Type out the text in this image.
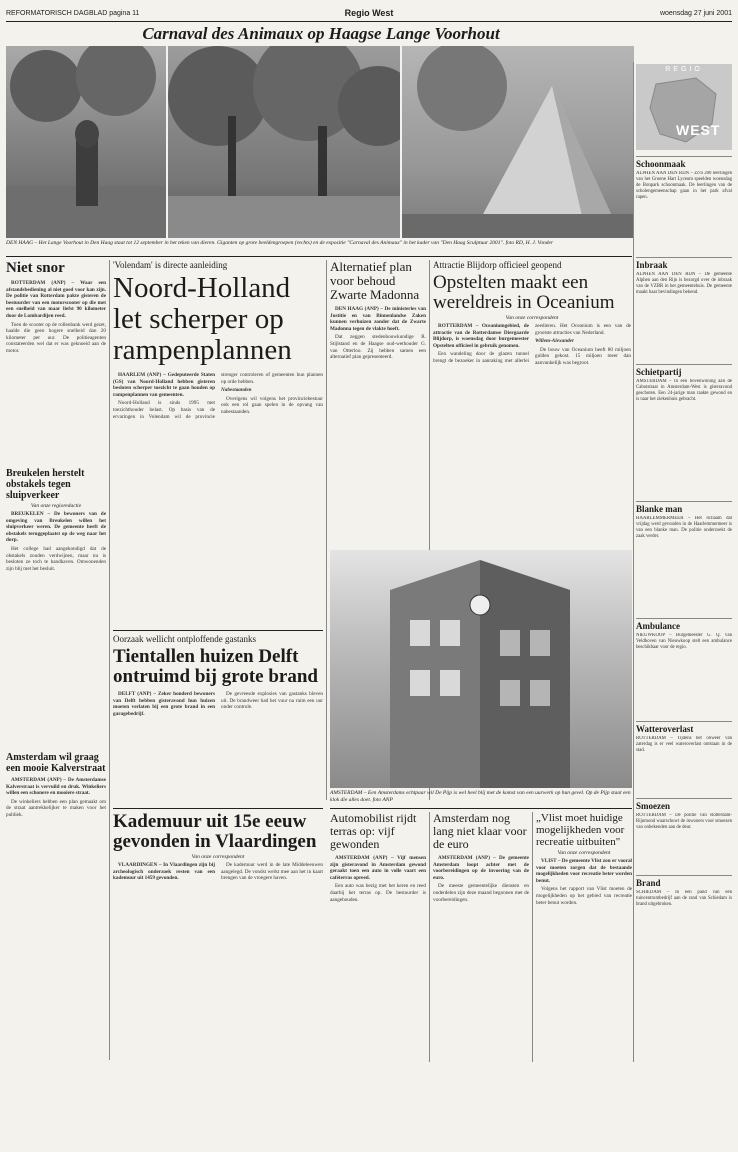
REFORMATORISCH DAGBLAD pagina 11	Regio West	woensdag 27 juni 2001
Carnaval des Animaux op Haagse Lange Voorhout
DEN HAAG – Het Lange Voorhout in Den Haag staat tot 12 september in het teken van dieren. Giganten op grote beeldengroepen (rechts) en de expositie "Carnaval des Animaux" in het kader van "Den Haag Sculptuur 2001". foto RD, H. J. Vonder
REGIO
WEST
Schoonmaak
ALPHEN AAN DEN RIJN – Zo'n 200 leerlingen van het Groene Hart Lyceum speelden woensdag de Bonpark schoonmaak. De leerlingen van de scholengemeenschap gaan in het park afval rapen.
Inbraak
ALPHEN AAN DEN RIJN – De gemeente Alphen aan den Rijn is bezorgd over de inbraak van de VZBR in het gemeentehuis. De gemeente maakt haar bevindingen bekend.
Schietpartij
AMSTERDAM – In een bovenwoning aan de Cabotstraat in Amsterdam-West is gisteravond geschoten. Een 24-jarige man raakte gewond en is naar het ziekenhuis gebracht.
Blanke man
HAARLEMMERMEER – Het lichaam dat vrijdag werd gevonden in de Haarlemmermeer is van een blanke man. De politie onderzoekt de zaak verder.
Ambulance
NIEUWKOOP – Burgemeester G. Q. van Veldhoven van Nieuwkoop stelt een ambulance beschikbaar voor de regio.
Watteroverlast
ROTTERDAM – Tijdens het onweer van zaterdag is er veel wateroverlast ontstaan in de stad.
Smoezen
ROTTERDAM – De politie van Rotterdam-Rijnmond waarschuwt de inwoners voor smoezen van onbekenden aan de deur.
Brand
SCHIEDAM – In een pand van een tuincentrumbedrijf aan de rand van Schiedam is brand uitgebroken.
Niet snor

ROTTERDAM (ANP) – Waar een afstandsbediening al niet goed voor kan zijn. De politie van Rotterdam pakte gisteren de bestuurder van een motorscooter op die met een snelheid van maar liefst 90 kilometer door de Lombardijen reed.

Toen de scooter op de rollenbank werd gezet, haalde die geen hogere snelheid dan 20 kilometer per uur. De politieagenten constateerden wel dat er was geknoeid aan de motor.

Breukelen herstelt obstakels tegen sluipverkeer
Van onze regioredactie

BREUKELEN – De bewoners van de omgeving van Breukelen willen het sluipverkeer weren. De gemeente heeft de obstakels teruggeplaatst op de weg naar het dorp.

Het college had aangekondigd dat de obstakels zouden verdwijnen, maar nu is besloten ze toch te handhaven. Omwonenden zijn blij met het besluit.

Amsterdam wil graag een mooie Kalverstraat

AMSTERDAM (ANP) – De Amsterdamse Kalverstraat is vervuild en druk. Winkeliers willen een schonere en mooiere straat.

De winkeliers hebben een plan gemaakt om de straat aantrekkelijker te maken voor het publiek.

'Volendam' is directe aanleiding
Noord-Holland let scherper op rampenplannen

HAARLEM (ANP) – Gedeputeerde Staten (GS) van Noord-Holland hebben gisteren besloten scherper toezicht te gaan houden op rampenplannen van gemeenten.

Noord-Holland is sinds 1995 met toezichthouder belast. Op basis van de ervaringen in Volendam wil de provincie strenger controleren of gemeenten hun plannen op orde hebben.

Nabestaanden

Overigens wil volgens het provinciebestuur ook een rol gaan spelen in de opvang van nabestaanden.

Oorzaak wellicht ontploffende gastanks
Tientallen huizen Delft ontruimd bij grote brand

DELFT (ANP) – Zeker honderd bewoners van Delft hebben gisteravond hun huizen moeten verlaten bij een grote brand in een garagebedrijf.

De gevreesde explosies van gastanks bleven uit. De brandweer had het vuur na ruim een uur onder controle.

Kademuur uit 15e eeuw gevonden in Vlaardingen
Van onze correspondent

VLAARDINGEN – In Vlaardingen zijn bij archeologisch onderzoek resten van een kademuur uit 1459 gevonden.

De kademuur werd in de late Middeleeuwen aangelegd. De vondst werkt mee aan het in kaart brengen van de vroegere haven.

Alternatief plan voor behoud Zwarte Madonna

DEN HAAG (ANP) – De ministeries van Justitie en van Binnenlandse Zaken kunnen verhuizen zonder dat de Zwarte Madonna tegen de vlakte hoeft.

Dat zeggen stedenbouwkundige R. Stijlstand en de Haagse oud-wethouder G. van Otterloo. Zij hebben samen een alternatief plan gepresenteerd.

Attractie Blijdorp officieel geopend
Opstelten maakt een wereldreis in Oceanium
Van onze correspondent

ROTTERDAM – Oceaniumgebied, de attractie van de Rotterdamse Diergaarde Blijdorp, is woensdag door burgemeester Opstelten officieel in gebruik genomen.

Een wandeling door de glazen tunnel brengt de bezoeker in aanraking met allerlei zeedieren. Het Oceanium is een van de grootste attracties van Nederland.

Willem-Alexander

De bouw van Oceanium heeft 80 miljoen gulden gekost. 15 miljoen meer dan aanvankelijk was begroot.

AMSTERDAM – Een Amsterdams echtpaar wil De Pijp is wel heel blij met de komst van een uurwerk op hun gevel. Op de Pijp staat een klok die alles doet. foto ANP
Automobilist rijdt terras op: vijf gewonden

AMSTERDAM (ANP) – Vijf mensen zijn gisteravond in Amsterdam gewond geraakt toen een auto in volle vaart een caféterras opreed.

Een auto was bezig met het keren en reed daarbij het terras op. De bestuurder is aangehouden.

Amsterdam nog lang niet klaar voor de euro

AMSTERDAM (ANP) – De gemeente Amsterdam loopt achter met de voorbereidingen op de invoering van de euro.

De meeste gemeentelijke diensten en onderdelen zijn deze maand begonnen met de voorbereidingen.

„Vlist moet huidige mogelijkheden voor recreatie uitbuiten"
Van onze correspondent

VLIST – De gemeente Vlist zou er vooral voor moeten zorgen dat de bestaande mogelijkheden voor recreatie beter worden benut.

Volgens het rapport van Vlist moeten de mogelijkheden op het gebied van recreatie beter benut worden.
